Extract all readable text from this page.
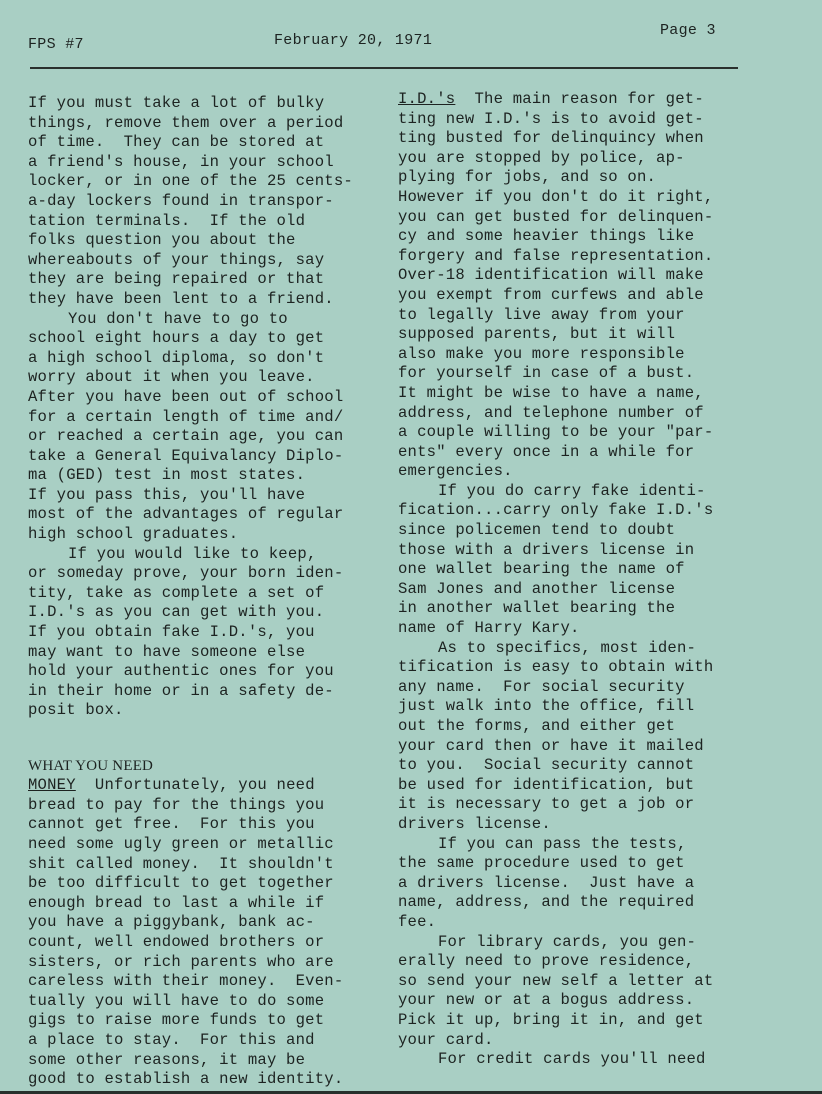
FPS #7	February 20, 1971
Page 3

If you must take a lot of bulky

things, remove them over a period

of time.  They can be stored at

a friend's house, in your school

locker, or in one of the 25 cents-

a-day lockers found in transpor-

tation terminals.  If the old

folks question you about the

whereabouts of your things, say

they are being repaired or that

they have been lent to a friend.

You don't have to go to

school eight hours a day to get

a high school diploma, so don't

worry about it when you leave.

After you have been out of school

for a certain length of time and/

or reached a certain age, you can

take a General Equivalancy Diplo-

ma (GED) test in most states.

If you pass this, you'll have

most of the advantages of regular

high school graduates.

If you would like to keep,

or someday prove, your born iden-

tity, take as complete a set of

I.D.'s as you can get with you.

If you obtain fake I.D.'s, you

may want to have someone else

hold your authentic ones for you

in their home or in a safety de-

posit box.

WHAT YOU NEED

MONEY Unfortunately, you need

bread to pay for the things you

cannot get free.  For this you

need some ugly green or metallic

shit called money.  It shouldn't

be too difficult to get together

enough bread to last a while if

you have a piggybank, bank ac-

count, well endowed brothers or

sisters, or rich parents who are

careless with their money.  Even-

tually you will have to do some

gigs to raise more funds to get

a place to stay.  For this and

some other reasons, it may be

good to establish a new identity.

I.D.'s The main reason for get-

ting new I.D.'s is to avoid get-

ting busted for delinquincy when

you are stopped by police, ap-

plying for jobs, and so on.

However if you don't do it right,

you can get busted for delinquen-

cy and some heavier things like

forgery and false representation.

Over-18 identification will make

you exempt from curfews and able

to legally live away from your

supposed parents, but it will

also make you more responsible

for yourself in case of a bust.

It might be wise to have a name,

address, and telephone number of

a couple willing to be your "par-

ents" every once in a while for

emergencies.

If you do carry fake identi-

fication...carry only fake I.D.'s

since policemen tend to doubt

those with a drivers license in

one wallet bearing the name of

Sam Jones and another license

in another wallet bearing the

name of Harry Kary.

As to specifics, most iden-

tification is easy to obtain with

any name.  For social security

just walk into the office, fill

out the forms, and either get

your card then or have it mailed

to you.  Social security cannot

be used for identification, but

it is necessary to get a job or

drivers license.

If you can pass the tests,

the same procedure used to get

a drivers license.  Just have a

name, address, and the required

fee.

For library cards, you gen-

erally need to prove residence,

so send your new self a letter at

your new or at a bogus address.

Pick it up, bring it in, and get

your card.

For credit cards you'll need
